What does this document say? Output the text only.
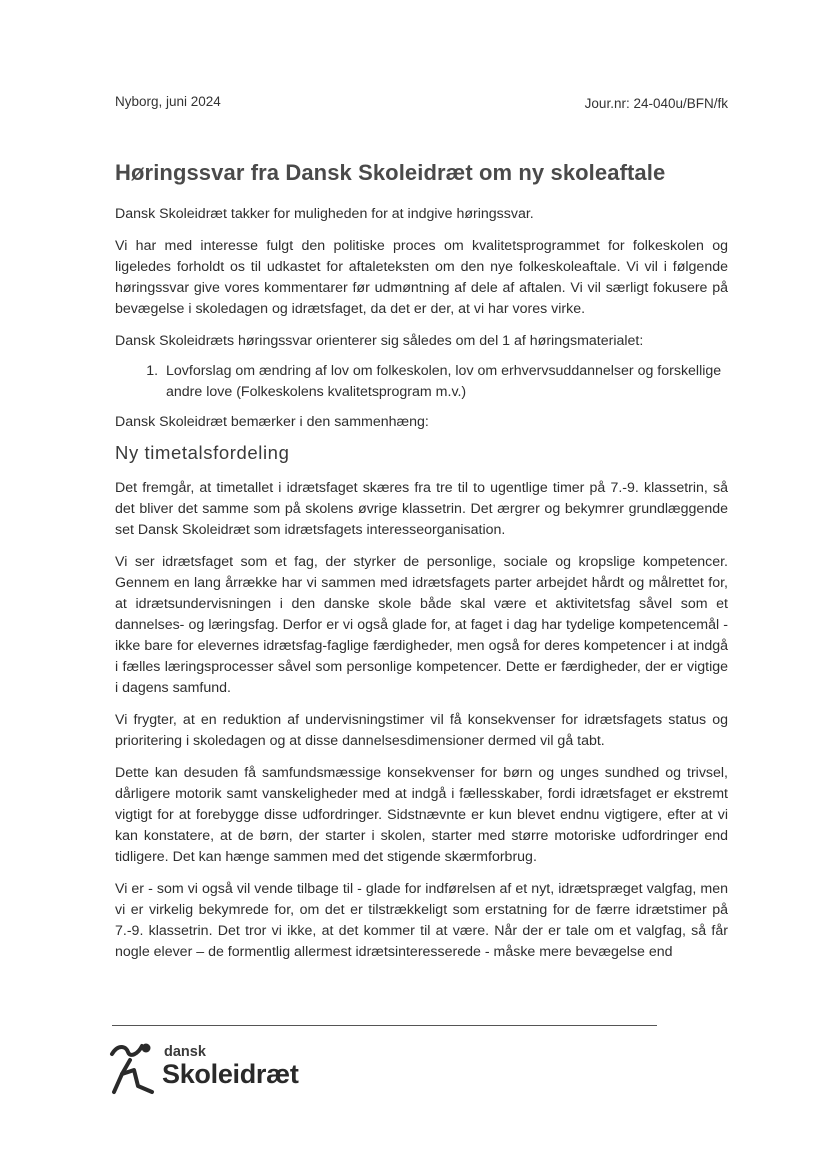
Nyborg, juni 2024	Jour.nr: 24-040u/BFN/fk
Høringssvar fra Dansk Skoleidræt om ny skoleaftale

Dansk Skoleidræt takker for muligheden for at indgive høringssvar.

Vi har med interesse fulgt den politiske proces om kvalitetsprogrammet for folkeskolen og ligeledes forholdt os til udkastet for aftaleteksten om den nye folkeskoleaftale. Vi vil i følgende høringssvar give vores kommentarer før udmøntning af dele af aftalen. Vi vil særligt fokusere på bevægelse i skoledagen og idrætsfaget, da det er der, at vi har vores virke.

Dansk Skoleidræts høringssvar orienterer sig således om del 1 af høringsmaterialet:

1. Lovforslag om ændring af lov om folkeskolen, lov om erhvervsuddannelser og forskellige andre love (Folkeskolens kvalitetsprogram m.v.)

Dansk Skoleidræt bemærker i den sammenhæng:

Ny timetalsfordeling

Det fremgår, at timetallet i idrætsfaget skæres fra tre til to ugentlige timer på 7.-9. klassetrin, så det bliver det samme som på skolens øvrige klassetrin. Det ærgrer og bekymrer grundlæggende set Dansk Skoleidræt som idrætsfagets interesseorganisation.

Vi ser idrætsfaget som et fag, der styrker de personlige, sociale og kropslige kompetencer. Gennem en lang årrække har vi sammen med idrætsfagets parter arbejdet hårdt og målrettet for, at idrætsundervisningen i den danske skole både skal være et aktivitetsfag såvel som et dannelses- og læringsfag. Derfor er vi også glade for, at faget i dag har tydelige kompetencemål - ikke bare for elevernes idrætsfag-faglige færdigheder, men også for deres kompetencer i at indgå i fælles læringsprocesser såvel som personlige kompetencer. Dette er færdigheder, der er vigtige i dagens samfund.

Vi frygter, at en reduktion af undervisningstimer vil få konsekvenser for idrætsfagets status og prioritering i skoledagen og at disse dannelsesdimensioner dermed vil gå tabt.

Dette kan desuden få samfundsmæssige konsekvenser for børn og unges sundhed og trivsel, dårligere motorik samt vanskeligheder med at indgå i fællesskaber, fordi idrætsfaget er ekstremt vigtigt for at forebygge disse udfordringer. Sidstnævnte er kun blevet endnu vigtigere, efter at vi kan konstatere, at de børn, der starter i skolen, starter med større motoriske udfordringer end tidligere. Det kan hænge sammen med det stigende skærmforbrug.

Vi er - som vi også vil vende tilbage til - glade for indførelsen af et nyt, idrætspræget valgfag, men vi er virkelig bekymrede for, om det er tilstrækkeligt som erstatning for de færre idrætstimer på 7.-9. klassetrin. Det tror vi ikke, at det kommer til at være. Når der er tale om et valgfag, så får nogle elever – de formentlig allermest idrætsinteresserede - måske mere bevægelse end

dansk
Skoleidræt
